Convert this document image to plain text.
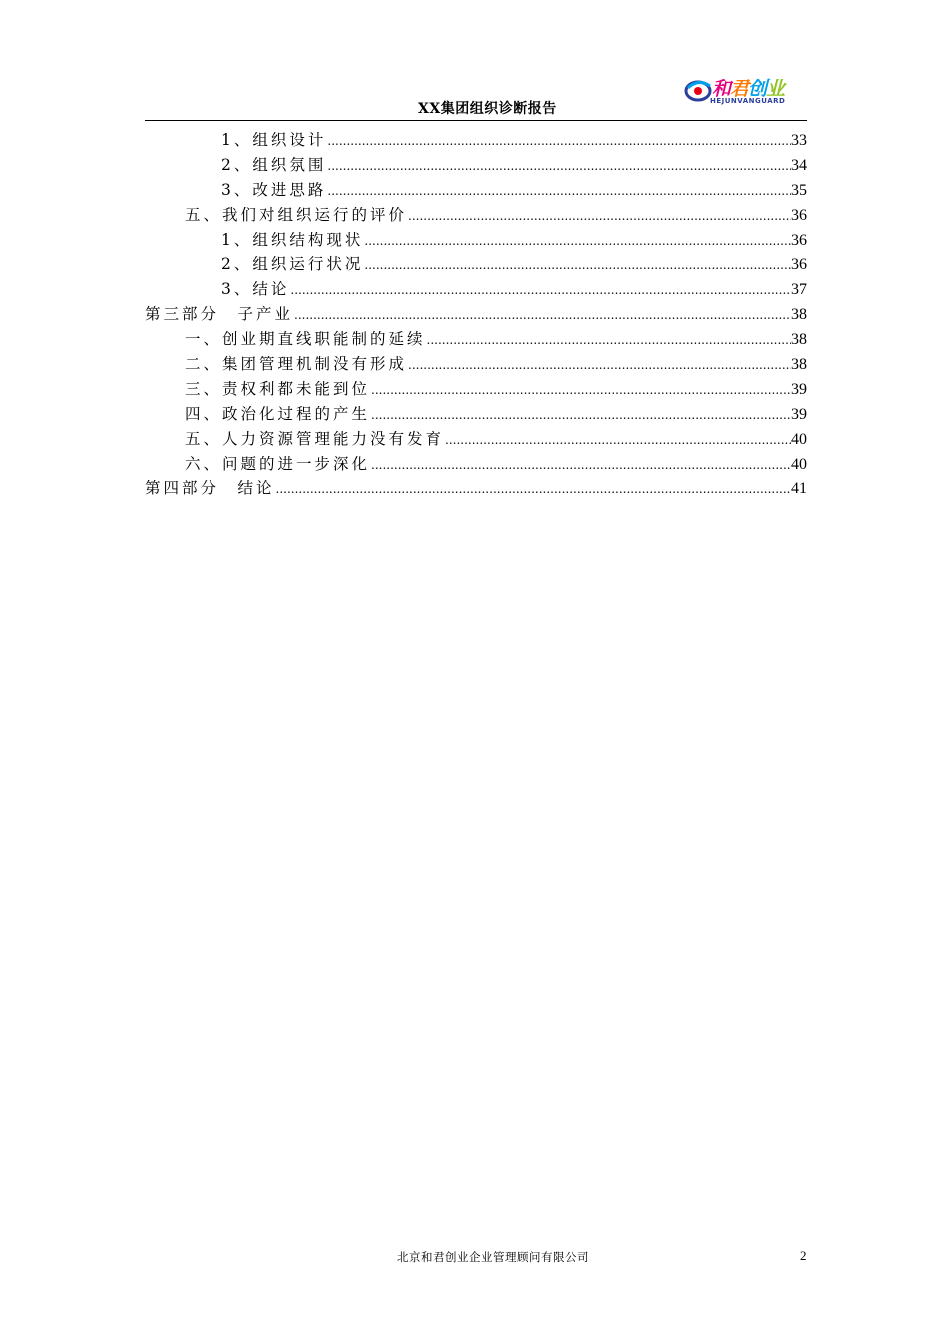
XX集团组织诊断报告
和君创业
HEJUNVANGUARD
1、组织设计 .....	33
2、组织氛围 .....	34
3、改进思路 .....	35
五、我们对组织运行的评价 .....	36
1、组织结构现状 .....	36
2、组织运行状况 .....	36
3、结论 .....	37
第三部分　子产业 .....	38
一、创业期直线职能制的延续 .....	38
二、集团管理机制没有形成 .....	38
三、责权利都未能到位 .....	39
四、政治化过程的产生 .....	39
五、人力资源管理能力没有发育 .....	40
六、问题的进一步深化 .....	40
第四部分　结论 .....	41
北京和君创业企业管理顾问有限公司	2
